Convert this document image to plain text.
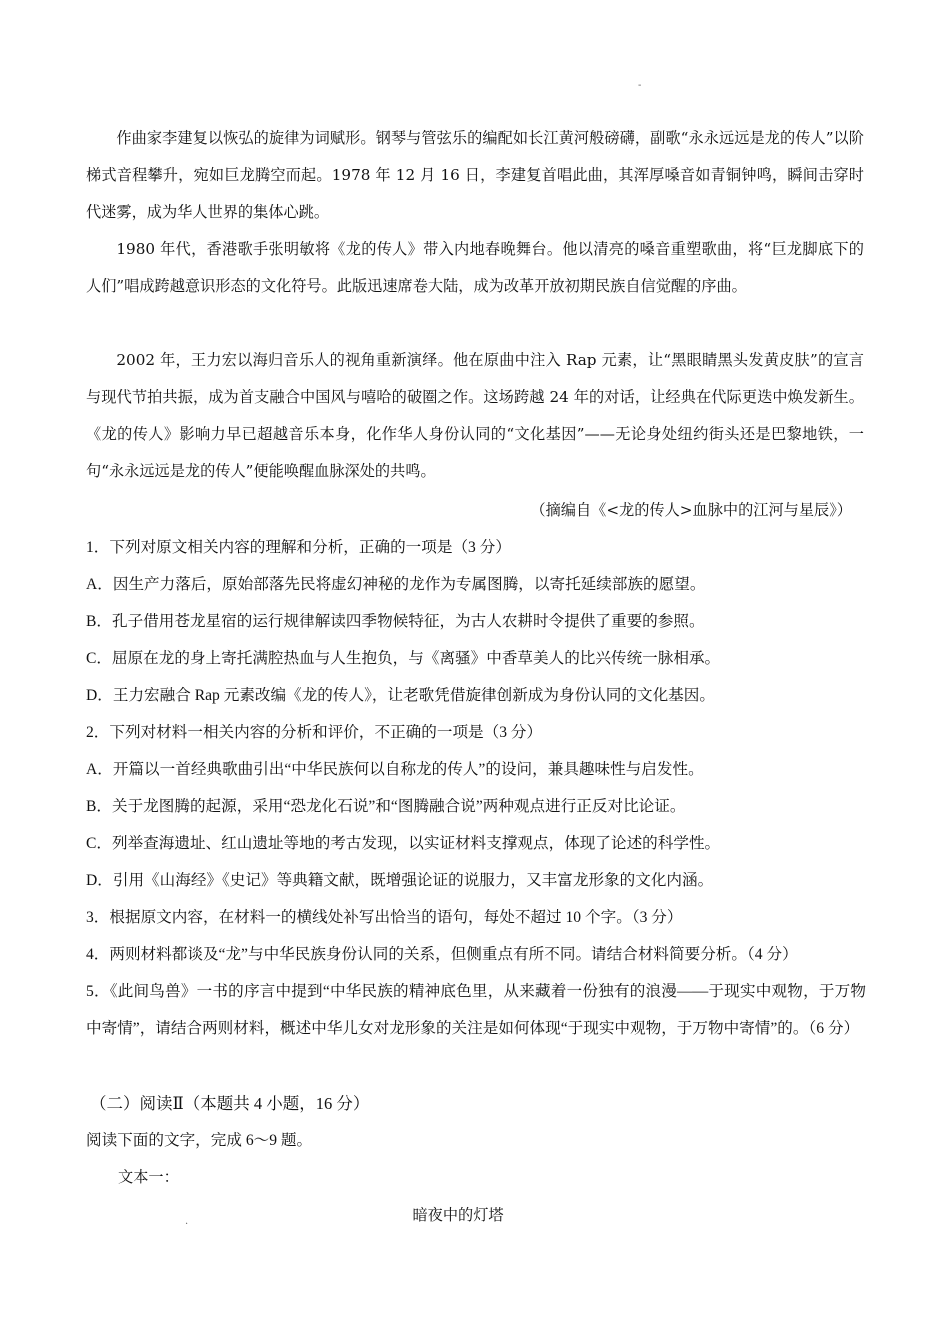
-

作曲家李建复以恢弘的旋律为词赋形。钢琴与管弦乐的编配如长江黄河般磅礴，副歌“永永远远是龙的传人”以阶梯式音程攀升，宛如巨龙腾空而起。1978 年 12 月 16 日，李建复首唱此曲，其浑厚嗓音如青铜钟鸣，瞬间击穿时代迷雾，成为华人世界的集体心跳。

1980 年代，香港歌手张明敏将《龙的传人》带入内地春晚舞台。他以清亮的嗓音重塑歌曲，将“巨龙脚底下的人们”唱成跨越意识形态的文化符号。此版迅速席卷大陆，成为改革开放初期民族自信觉醒的序曲。

2002 年，王力宏以海归音乐人的视角重新演绎。他在原曲中注入 Rap 元素，让“黑眼睛黑头发黄皮肤”的宣言与现代节拍共振，成为首支融合中国风与嘻哈的破圈之作。这场跨越 24 年的对话，让经典在代际更迭中焕发新生。《龙的传人》影响力早已超越音乐本身，化作华人身份认同的“文化基因”——无论身处纽约街头还是巴黎地铁，一句“永永远远是龙的传人”便能唤醒血脉深处的共鸣。

（摘编自《<龙的传人>血脉中的江河与星辰》）

1．下列对原文相关内容的理解和分析，正确的一项是（3 分）

A．因生产力落后，原始部落先民将虚幻神秘的龙作为专属图腾，以寄托延续部族的愿望。

B．孔子借用苍龙星宿的运行规律解读四季物候特征，为古人农耕时令提供了重要的参照。

C．屈原在龙的身上寄托满腔热血与人生抱负，与《离骚》中香草美人的比兴传统一脉相承。

D．王力宏融合 Rap 元素改编《龙的传人》，让老歌凭借旋律创新成为身份认同的文化基因。

2．下列对材料一相关内容的分析和评价，不正确的一项是（3 分）

A．开篇以一首经典歌曲引出“中华民族何以自称龙的传人”的设问，兼具趣味性与启发性。

B．关于龙图腾的起源，采用“恐龙化石说”和“图腾融合说”两种观点进行正反对比论证。

C．列举查海遗址、红山遗址等地的考古发现，以实证材料支撑观点，体现了论述的科学性。

D．引用《山海经》《史记》等典籍文献，既增强论证的说服力，又丰富龙形象的文化内涵。

3．根据原文内容，在材料一的横线处补写出恰当的语句，每处不超过 10 个字。（3 分）

4．两则材料都谈及“龙”与中华民族身份认同的关系，但侧重点有所不同。请结合材料简要分析。（4 分）

5．《此间鸟兽》一书的序言中提到“中华民族的精神底色里，从来藏着一份独有的浪漫——于现实中观物，于万物中寄情”，请结合两则材料，概述中华儿女对龙形象的关注是如何体现“于现实中观物，于万物中寄情”的。（6 分）

（二）阅读Ⅱ（本题共 4 小题，16 分）

阅读下面的文字，完成 6～9 题。

文本一：

.	暗夜中的灯塔
